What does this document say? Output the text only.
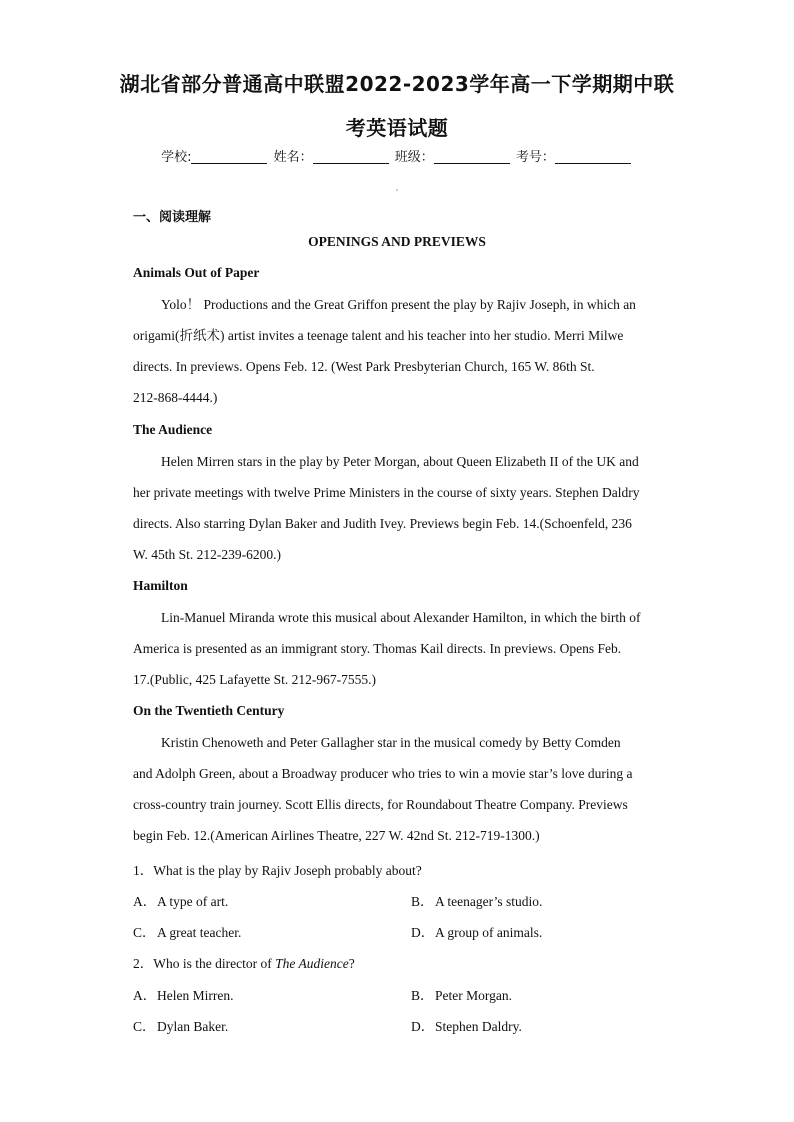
湖北省部分普通高中联盟2022-2023学年高一下学期期中联
考英语试题
学校:	姓名：	班级：	考号：
一、阅读理解
OPENINGS AND PREVIEWS
Animals Out of Paper

Yolo！ Productions and the Great Griffon present the play by Rajiv Joseph, in which an

origami(折纸术) artist invites a teenage talent and his teacher into her studio. Merri Milwe

directs. In previews. Opens Feb. 12. (West Park Presbyterian Church, 165 W. 86th St.

212-868-4444.)

The Audience

Helen Mirren stars in the play by Peter Morgan, about Queen Elizabeth II of the UK and

her private meetings with twelve Prime Ministers in the course of sixty years. Stephen Daldry

directs. Also starring Dylan Baker and Judith Ivey. Previews begin Feb. 14.(Schoenfeld, 236

W. 45th St. 212-239-6200.)

Hamilton

Lin-Manuel Miranda wrote this musical about Alexander Hamilton, in which the birth of

America is presented as an immigrant story. Thomas Kail directs. In previews. Opens Feb.

17.(Public, 425 Lafayette St. 212-967-7555.)

On the Twentieth Century

Kristin Chenoweth and Peter Gallagher star in the musical comedy by Betty Comden

and Adolph Green, about a Broadway producer who tries to win a movie star’s love during a

cross-country train journey. Scott Ellis directs, for Roundabout Theatre Company. Previews

begin Feb. 12.(American Airlines Theatre, 227 W. 42nd St. 212-719-1300.)

1．What is the play by Rajiv Joseph probably about?
A．A type of art.	B．A teenager’s studio.
C．A great teacher.	D．A group of animals.
2．Who is the director of The Audience?
A．Helen Mirren.	B．Peter Morgan.
C．Dylan Baker.	D．Stephen Daldry.
